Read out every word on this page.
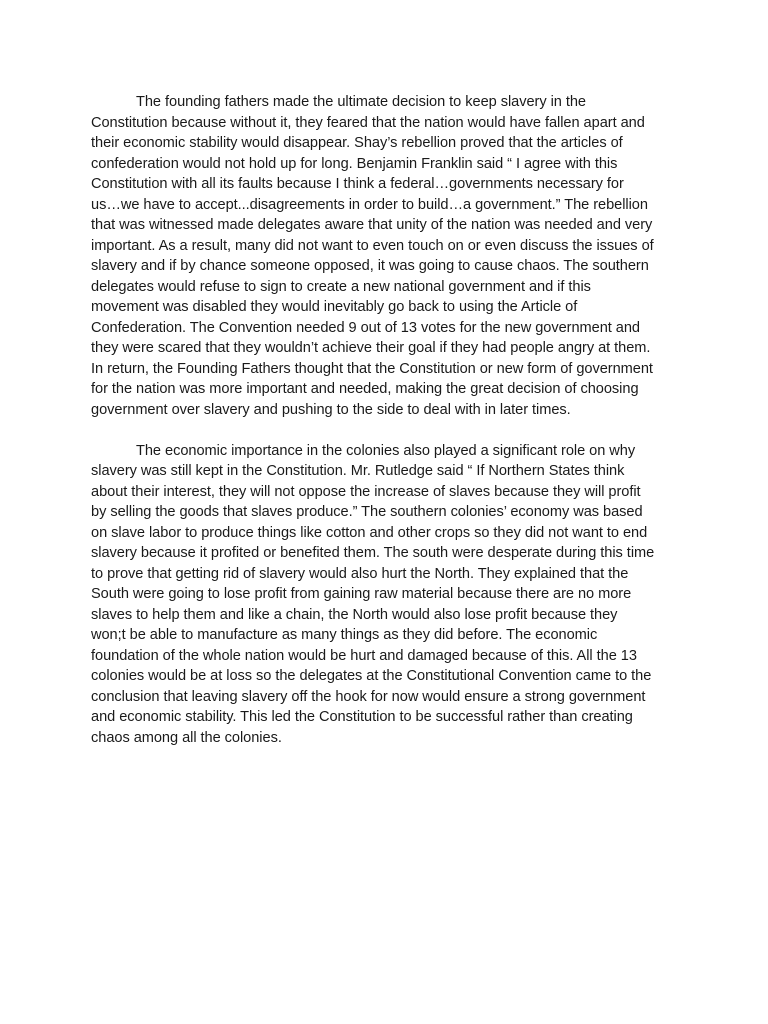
The founding fathers made the ultimate decision to keep slavery in the
Constitution because without it, they feared that the nation would have fallen apart and
their economic stability would disappear. Shay’s rebellion proved that the articles of
confederation would not hold up for long. Benjamin Franklin said “ I agree with this
Constitution with all its faults because I think a federal…governments necessary for
us…we have to accept...disagreements in order to build…a government.” The rebellion
that was witnessed made delegates aware that unity of the nation was needed and very
important. As a result, many did not want to even touch on or even discuss the issues of
slavery and if by chance someone opposed, it was going to cause chaos. The southern
delegates would refuse to sign to create a new national government and if this
movement was disabled they would inevitably go back to using the Article of
Confederation. The Convention needed 9 out of 13 votes for the new government and
they were scared that they wouldn’t achieve their goal if they had people angry at them.
In return, the Founding Fathers thought that the Constitution or new form of government
for the nation was more important and needed, making the great decision of choosing
government over slavery and pushing to the side to deal with in later times.

The economic importance in the colonies also played a significant role on why
slavery was still kept in the Constitution. Mr. Rutledge said “ If Northern States think
about their interest, they will not oppose the increase of slaves because they will profit
by selling the goods that slaves produce.” The southern colonies’ economy was based
on slave labor to produce things like cotton and other crops so they did not want to end
slavery because it profited or benefited them. The south were desperate during this time
to prove that getting rid of slavery would also hurt the North. They explained that the
South were going to lose profit from gaining raw material because there are no more
slaves to help them and like a chain, the North would also lose profit because they
won;t be able to manufacture as many things as they did before. The economic
foundation of the whole nation would be hurt and damaged because of this. All the 13
colonies would be at loss so the delegates at the Constitutional Convention came to the
conclusion that leaving slavery off the hook for now would ensure a strong government
and economic stability. This led the Constitution to be successful rather than creating
chaos among all the colonies.
